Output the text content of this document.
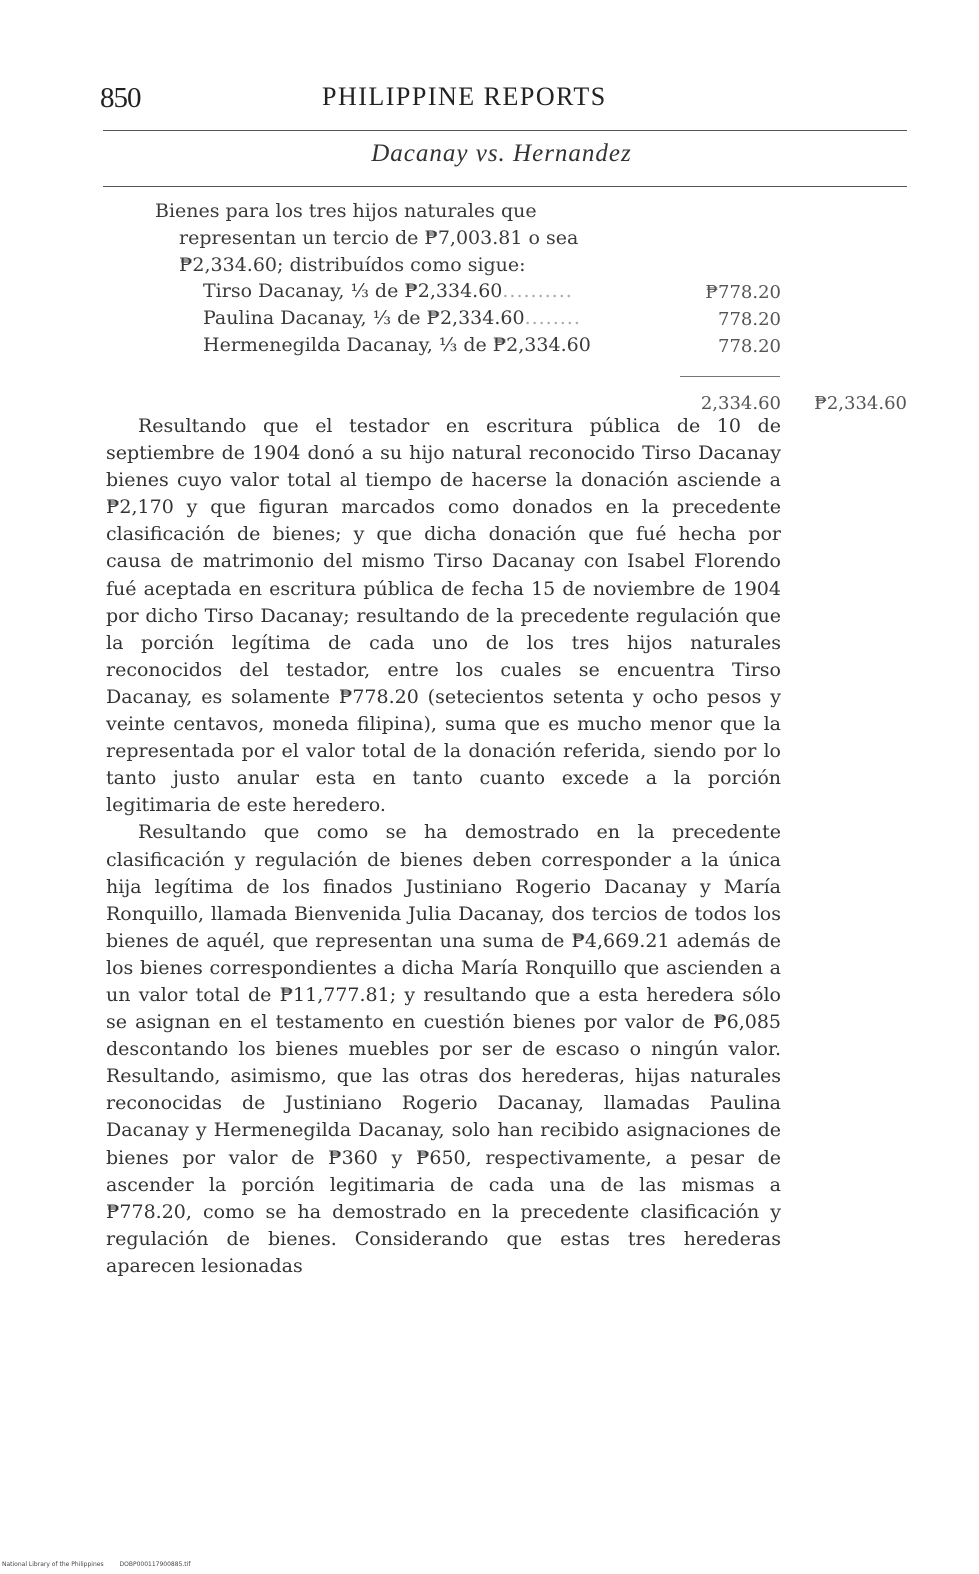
850	PHILIPPINE REPORTS
Dacanay vs. Hernandez
Bienes para los tres hijos naturales que
representan un tercio de ₱7,003.81 o sea
₱2,334.60; distribuídos como sigue:
Tirso Dacanay, ⅓ de ₱2,334.60..........	₱778.20
Paulina Dacanay, ⅓ de ₱2,334.60........	778.20
Hermenegilda Dacanay, ⅓ de ₱2,334.60	778.20
2,334.60 ₱2,334.60

Resultando que el testador en escritura pública de 10 de septiembre de 1904 donó a su hijo natural reconocido Tirso Dacanay bienes cuyo valor total al tiempo de hacerse la donación asciende a ₱2,170 y que figuran marcados como donados en la precedente clasificación de bienes; y que dicha donación que fué hecha por causa de matrimonio del mismo Tirso Dacanay con Isabel Florendo fué aceptada en escritura pública de fecha 15 de noviembre de 1904 por dicho Tirso Dacanay; resultando de la precedente regulación que la porción legítima de cada uno de los tres hijos naturales reconocidos del testador, entre los cuales se encuentra Tirso Dacanay, es solamente ₱778.20 (setecientos setenta y ocho pesos y veinte centavos, moneda filipina), suma que es mucho menor que la representada por el valor total de la donación referida, siendo por lo tanto justo anular esta en tanto cuanto excede a la porción legitimaria de este heredero.

Resultando que como se ha demostrado en la precedente clasificación y regulación de bienes deben corresponder a la única hija legítima de los finados Justiniano Rogerio Dacanay y María Ronquillo, llamada Bienvenida Julia Dacanay, dos tercios de todos los bienes de aquél, que representan una suma de ₱4,669.21 además de los bienes correspondientes a dicha María Ronquillo que ascienden a un valor total de ₱11,777.81; y resultando que a esta heredera sólo se asignan en el testamento en cuestión bienes por valor de ₱6,085 descontando los bienes muebles por ser de escaso o ningún valor. Resultando, asimismo, que las otras dos herederas, hijas naturales reconocidas de Justiniano Rogerio Dacanay, llamadas Paulina Dacanay y Hermenegilda Dacanay, solo han recibido asignaciones de bienes por valor de ₱360 y ₱650, respectivamente, a pesar de ascender la porción legitimaria de cada una de las mismas a ₱778.20, como se ha demostrado en la precedente clasificación y regulación de bienes. Considerando que estas tres herederas aparecen lesionadas

National Library of the Philippines	DOBP000117900885.tif
